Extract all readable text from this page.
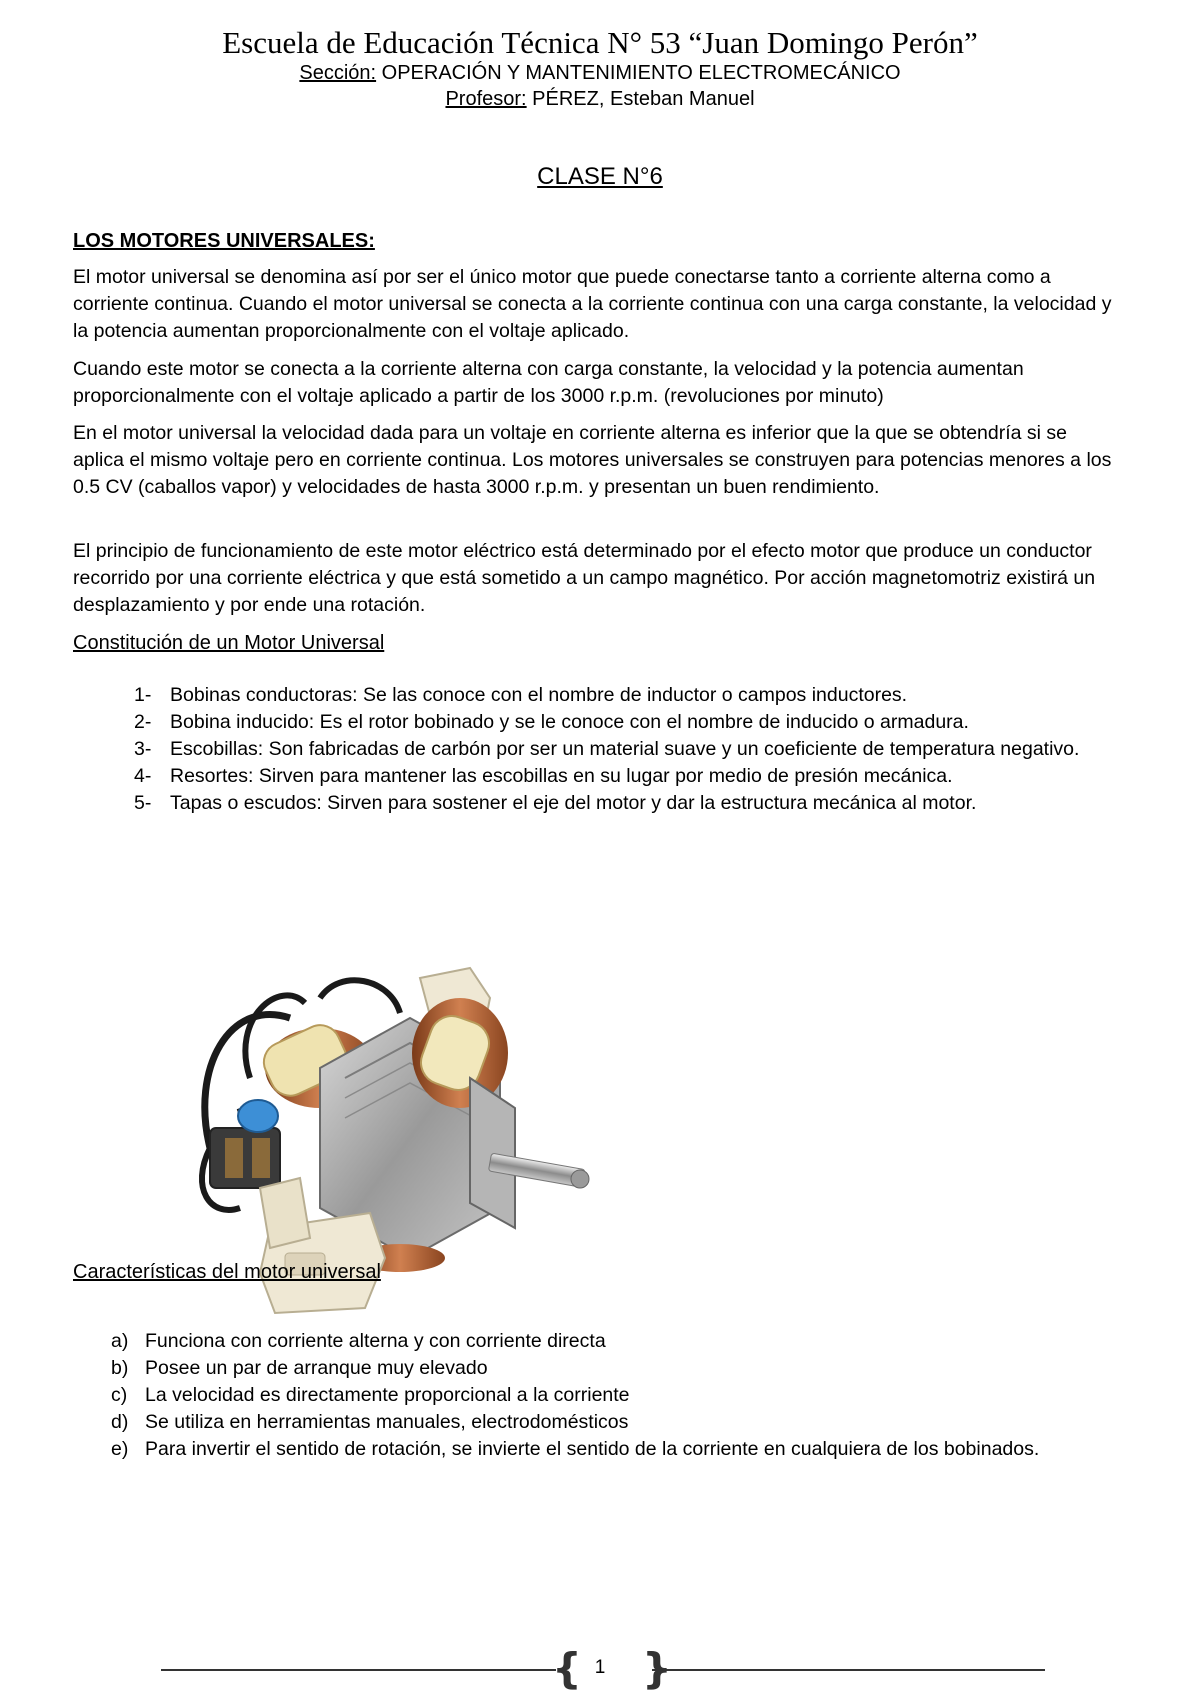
Escuela de Educación Técnica N° 53 “Juan Domingo Perón”
Sección: OPERACIÓN Y MANTENIMIENTO ELECTROMECÁNICO
Profesor: PÉREZ, Esteban Manuel
CLASE N°6
LOS MOTORES UNIVERSALES:
El motor universal se denomina así por ser el único motor que puede conectarse tanto a corriente alterna como a corriente continua. Cuando el motor universal se conecta a la corriente continua con una carga constante, la velocidad y la potencia aumentan proporcionalmente con el voltaje aplicado.
Cuando este motor se conecta a la corriente alterna con carga constante, la velocidad y la potencia aumentan proporcionalmente con el voltaje aplicado a partir de los 3000 r.p.m. (revoluciones por minuto)
En el motor universal la velocidad dada para un voltaje en corriente alterna es inferior que la que se obtendría si se aplica el mismo voltaje pero en corriente continua. Los motores universales se construyen para potencias menores a los 0.5 CV (caballos vapor) y velocidades de hasta 3000 r.p.m. y presentan un buen rendimiento.
El principio de funcionamiento de este motor eléctrico está determinado por el efecto motor que produce un conductor recorrido por una corriente eléctrica y que está sometido a un campo magnético. Por acción magnetomotriz existirá un desplazamiento y por ende una rotación.
Constitución de un Motor Universal
1- Bobinas conductoras: Se las conoce con el nombre de inductor o campos inductores.
2- Bobina inducido: Es el rotor bobinado y se le conoce con el nombre de inducido o armadura.
3- Escobillas: Son fabricadas de carbón por ser un material suave y un coeficiente de temperatura negativo.
4- Resortes: Sirven para mantener las escobillas en su lugar por medio de presión mecánica.
5- Tapas o escudos: Sirven para sostener el eje del motor y dar la estructura mecánica al motor.
Características del motor universal
a) Funciona con corriente alterna y con corriente directa
b) Posee un par de arranque muy elevado
c) La velocidad es directamente proporcional a la corriente
d) Se utiliza en herramientas manuales, electrodomésticos
e) Para invertir el sentido de rotación, se invierte el sentido de la corriente en cualquiera de los bobinados.
{ 1 }
